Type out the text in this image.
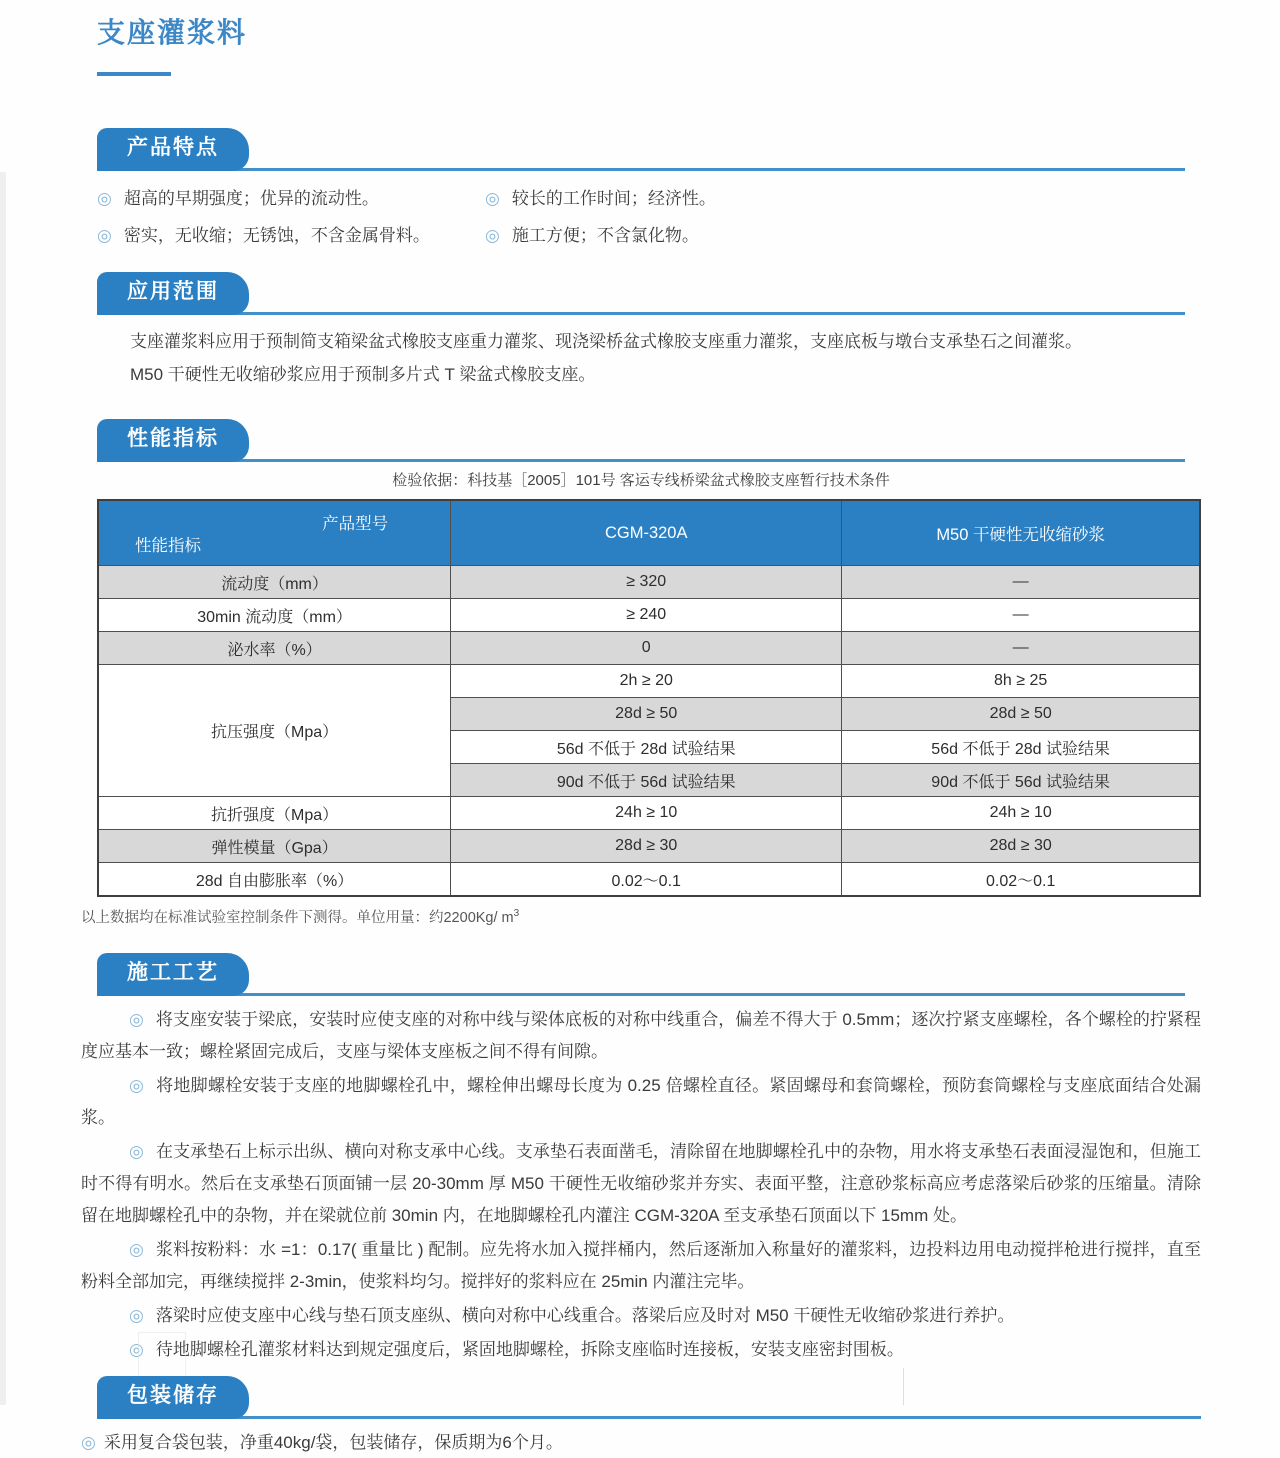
支座灌浆料
产品特点
◎ 超高的早期强度；优异的流动性。	◎ 较长的工作时间；经济性。
◎ 密实，无收缩；无锈蚀，不含金属骨料。	◎ 施工方便；不含氯化物。
应用范围

支座灌浆料应用于预制简支箱梁盆式橡胶支座重力灌浆、现浇梁桥盆式橡胶支座重力灌浆，支座底板与墩台支承垫石之间灌浆。

M50 干硬性无收缩砂浆应用于预制多片式 T 梁盆式橡胶支座。

性能指标
检验依据：科技基［2005］101号 客运专线桥梁盆式橡胶支座暂行技术条件
产品型号
性能指标	CGM-320A	M50 干硬性无收缩砂浆
流动度（mm）	≥ 320	—
30min 流动度（mm）	≥ 240	—
泌水率（%）	0	—
抗压强度（Mpa）	2h ≥ 20	8h ≥ 25
	28d ≥ 50	28d ≥ 50
	56d 不低于 28d 试验结果	56d 不低于 28d 试验结果
	90d 不低于 56d 试验结果	90d 不低于 56d 试验结果
抗折强度（Mpa）	24h ≥ 10	24h ≥ 10
弹性模量（Gpa）	28d ≥ 30	28d ≥ 30
28d 自由膨胀率（%）	0.02～0.1	0.02～0.1

以上数据均在标准试验室控制条件下测得。单位用量：约2200Kg/ $m^3$

施工工艺

◎ 将支座安装于梁底，安装时应使支座的对称中线与梁体底板的对称中线重合，偏差不得大于 0.5mm；逐次拧紧支座螺栓，各个螺栓的拧紧程度应基本一致；螺栓紧固完成后，支座与梁体支座板之间不得有间隙。

◎ 将地脚螺栓安装于支座的地脚螺栓孔中，螺栓伸出螺母长度为 0.25 倍螺栓直径。紧固螺母和套筒螺栓，预防套筒螺栓与支座底面结合处漏浆。

◎ 在支承垫石上标示出纵、横向对称支承中心线。支承垫石表面凿毛，清除留在地脚螺栓孔中的杂物，用水将支承垫石表面浸湿饱和，但施工时不得有明水。然后在支承垫石顶面铺一层 20-30mm 厚 M50 干硬性无收缩砂浆并夯实、表面平整，注意砂浆标高应考虑落梁后砂浆的压缩量。清除留在地脚螺栓孔中的杂物，并在梁就位前 30min 内，在地脚螺栓孔内灌注 CGM-320A 至支承垫石顶面以下 15mm 处。

◎ 浆料按粉料：水 =1：0.17( 重量比 ) 配制。应先将水加入搅拌桶内，然后逐渐加入称量好的灌浆料，边投料边用电动搅拌枪进行搅拌，直至粉料全部加完，再继续搅拌 2-3min，使浆料均匀。搅拌好的浆料应在 25min 内灌注完毕。

◎ 落梁时应使支座中心线与垫石顶支座纵、横向对称中心线重合。落梁后应及时对 M50 干硬性无收缩砂浆进行养护。

◎ 待地脚螺栓孔灌浆材料达到规定强度后，紧固地脚螺栓，拆除支座临时连接板，安装支座密封围板。

包装储存

◎ 采用复合袋包装，净重40kg/袋，包装储存，保质期为6个月。
